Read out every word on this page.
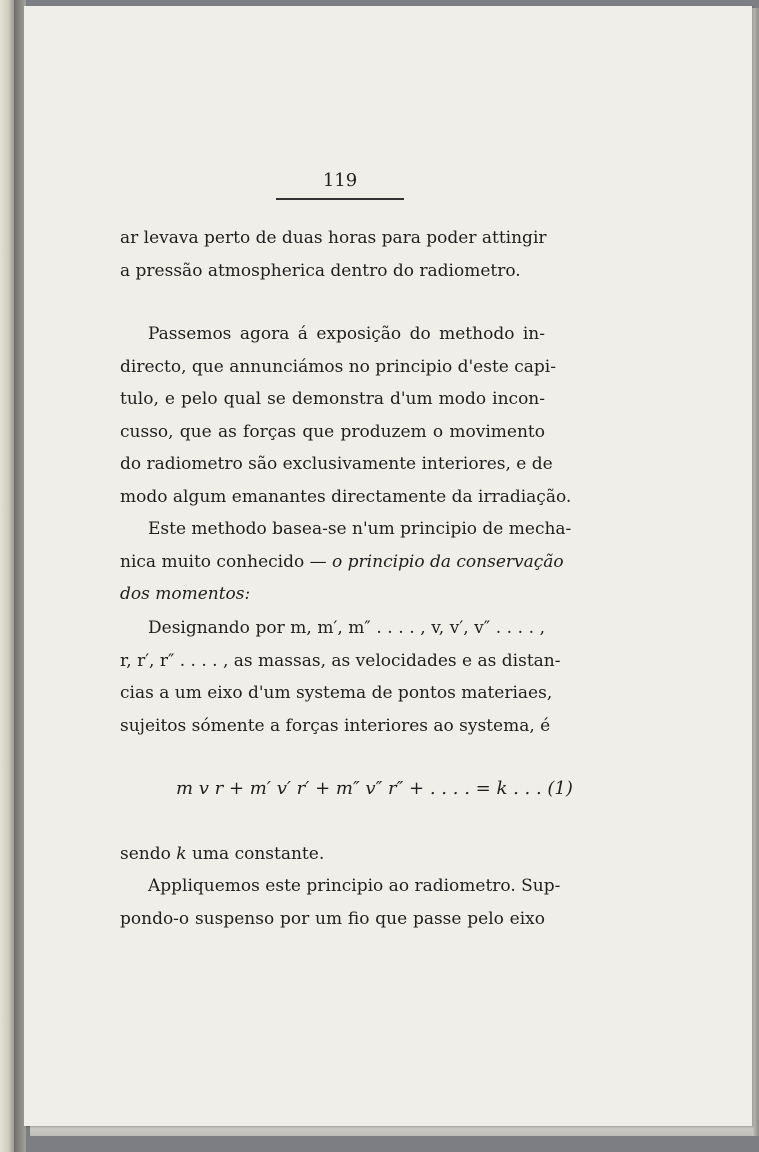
119
ar levava perto de duas horas para poder attingir
a pressão atmospherica dentro do radiometro.
Passemos agora á exposição do methodo in-
directo, que annunciámos no principio d'este capi-
tulo, e pelo qual se demonstra d'um modo incon-
cusso, que as forças que produzem o movimento
do radiometro são exclusivamente interiores, e de
modo algum emanantes directamente da irradiação.
Este methodo basea-se n'um principio de mecha-
nica muito conhecido — o principio da conservação
dos momentos:
Designando por m, m′, m″ . . . . , v, v′, v″ . . . . ,
r, r′, r″ . . . . , as massas, as velocidades e as distan-
cias a um eixo d'um systema de pontos materiaes,
sujeitos sómente a forças interiores ao systema, é
m v r + m′ v′ r′ + m″ v″ r″ + . . . . = k . . . (1)
sendo k uma constante.
Appliquemos este principio ao radiometro. Sup-
pondo-o suspenso por um fio que passe pelo eixo
